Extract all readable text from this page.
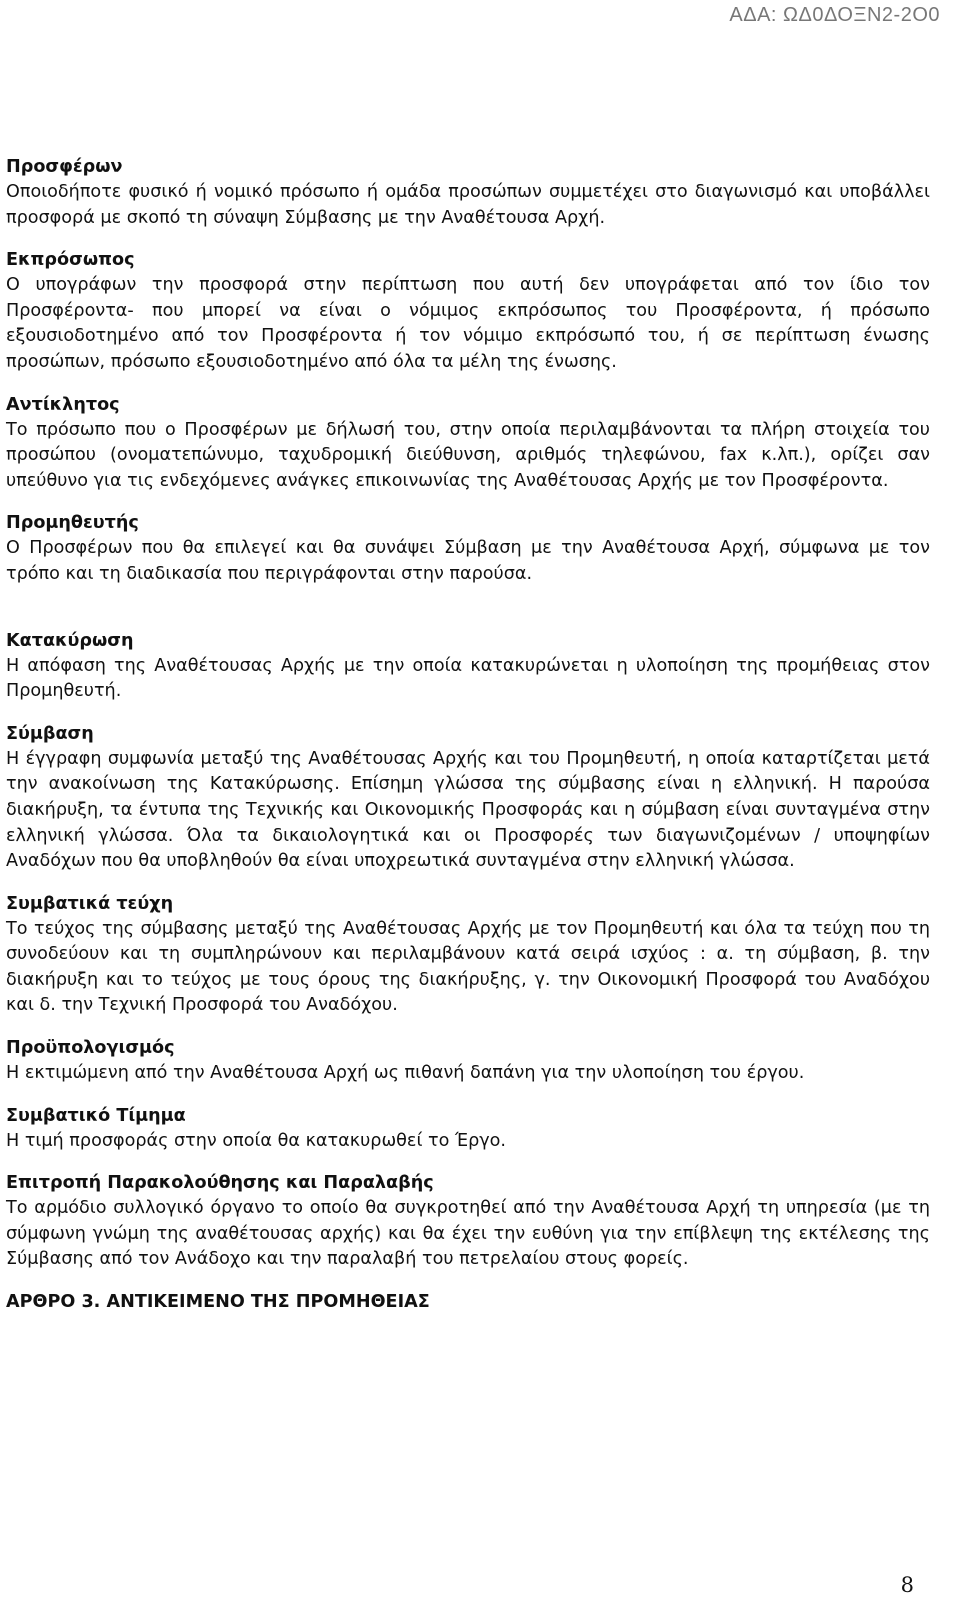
ΑΔΑ: ΩΔ0ΔΟΞΝ2-2Ο0
Προσφέρων
Οποιοδήποτε φυσικό ή νομικό πρόσωπο ή ομάδα προσώπων συμμετέχει στο διαγωνισμό και υποβάλλει προσφορά με σκοπό τη σύναψη Σύμβασης με την Αναθέτουσα Αρχή.
Εκπρόσωπος
Ο υπογράφων την προσφορά στην περίπτωση που αυτή δεν υπογράφεται από τον ίδιο τον Προσφέροντα- που μπορεί να είναι ο νόμιμος εκπρόσωπος του Προσφέροντα, ή πρόσωπο εξουσιοδοτημένο από τον Προσφέροντα ή τον νόμιμο εκπρόσωπό του, ή σε περίπτωση ένωσης προσώπων, πρόσωπο εξουσιοδοτημένο από όλα τα μέλη της ένωσης.
Αντίκλητος
Το πρόσωπο που ο Προσφέρων με δήλωσή του, στην οποία περιλαμβάνονται τα πλήρη στοιχεία του προσώπου (ονοματεπώνυμο, ταχυδρομική διεύθυνση, αριθμός τηλεφώνου, fax κ.λπ.), ορίζει σαν υπεύθυνο για τις ενδεχόμενες ανάγκες επικοινωνίας της Αναθέτουσας Αρχής με τον Προσφέροντα.
Προμηθευτής
Ο Προσφέρων που θα επιλεγεί και θα συνάψει Σύμβαση με την Αναθέτουσα Αρχή, σύμφωνα με τον τρόπο και τη διαδικασία που περιγράφονται στην παρούσα.
Κατακύρωση
Η απόφαση της Αναθέτουσας Αρχής με την οποία κατακυρώνεται η υλοποίηση της προμήθειας στον Προμηθευτή.
Σύμβαση
Η έγγραφη συμφωνία μεταξύ της Αναθέτουσας Αρχής και του Προμηθευτή, η οποία καταρτίζεται μετά την ανακοίνωση της Κατακύρωσης. Επίσημη γλώσσα της σύμβασης είναι η ελληνική. Η παρούσα διακήρυξη, τα έντυπα της Τεχνικής και Οικονομικής Προσφοράς και η σύμβαση είναι συνταγμένα στην ελληνική γλώσσα. Όλα τα δικαιολογητικά και οι Προσφορές των διαγωνιζομένων / υποψηφίων Αναδόχων που θα υποβληθούν θα είναι υποχρεωτικά συνταγμένα στην ελληνική γλώσσα.
Συμβατικά τεύχη
Το τεύχος της σύμβασης μεταξύ της Αναθέτουσας Αρχής με τον Προμηθευτή και όλα τα τεύχη που τη συνοδεύουν και τη συμπληρώνουν και περιλαμβάνουν κατά σειρά ισχύος : α. τη σύμβαση, β. την διακήρυξη και το τεύχος με τους όρους της διακήρυξης, γ. την Οικονομική Προσφορά του Αναδόχου και δ. την Τεχνική Προσφορά του Αναδόχου.
Προϋπολογισμός
Η εκτιμώμενη από την Αναθέτουσα Αρχή ως πιθανή δαπάνη για την υλοποίηση του έργου.
Συμβατικό Τίμημα
Η τιμή προσφοράς στην οποία θα κατακυρωθεί το Έργο.
Επιτροπή Παρακολούθησης και Παραλαβής
Το αρμόδιο συλλογικό όργανο το οποίο θα συγκροτηθεί από την Αναθέτουσα Αρχή τη υπηρεσία (με τη σύμφωνη γνώμη της αναθέτουσας αρχής) και θα έχει την ευθύνη για την επίβλεψη της εκτέλεσης της Σύμβασης από τον Ανάδοχο και την παραλαβή του πετρελαίου στους φορείς.
ΑΡΘΡΟ 3. ΑΝΤΙΚΕΙΜΕΝΟ ΤΗΣ ΠΡΟΜΗΘΕΙΑΣ
8
